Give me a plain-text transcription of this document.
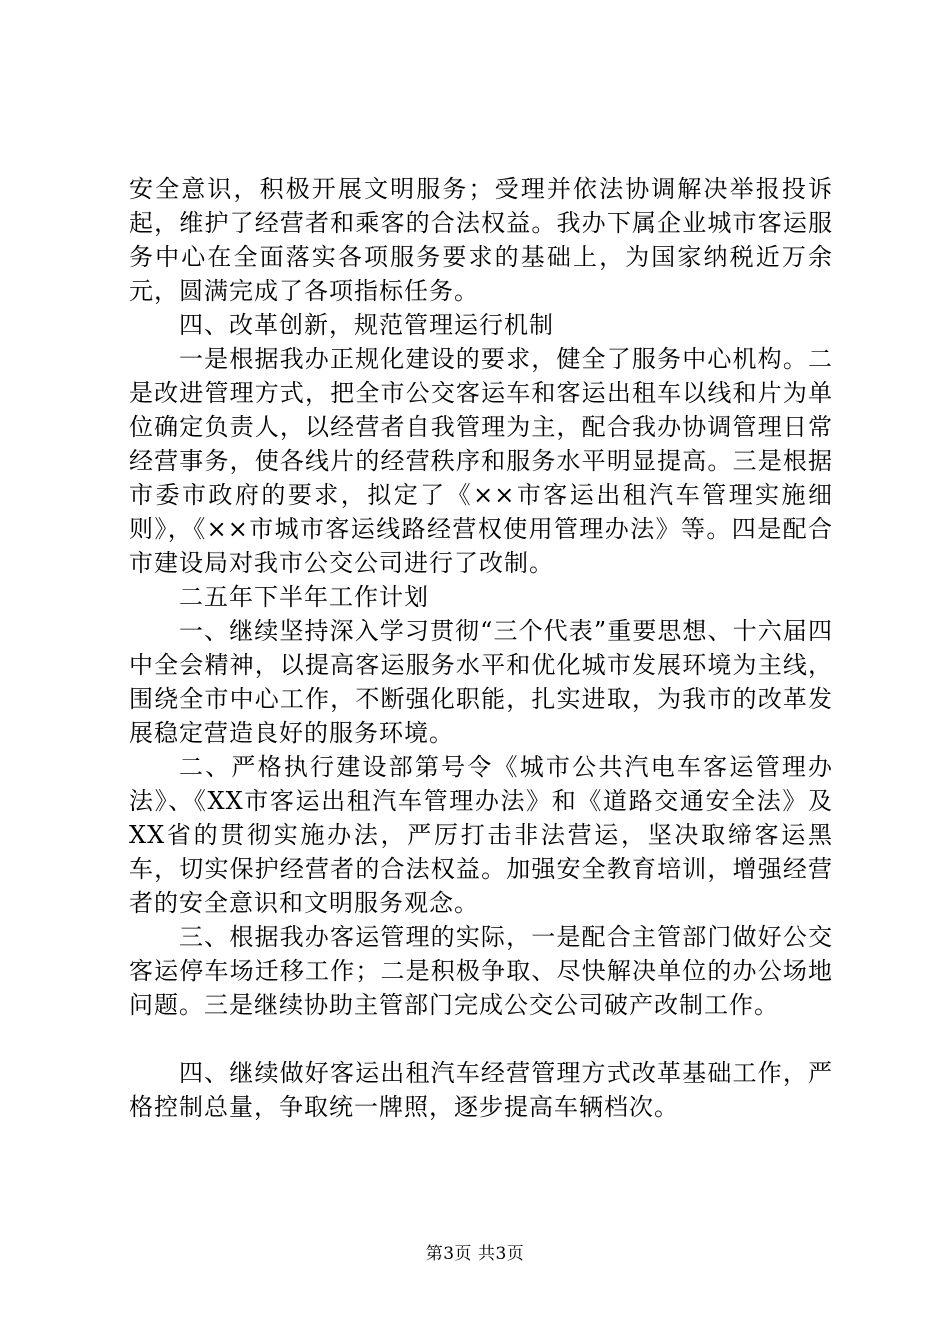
安全意识，积极开展文明服务；受理并依法协调解决举报投诉起，维护了经营者和乘客的合法权益。我办下属企业城市客运服务中心在全面落实各项服务要求的基础上，为国家纳税近万余元，圆满完成了各项指标任务。

四、改革创新，规范管理运行机制

一是根据我办正规化建设的要求，健全了服务中心机构。二是改进管理方式，把全市公交客运车和客运出租车以线和片为单位确定负责人，以经营者自我管理为主，配合我办协调管理日常经营事务，使各线片的经营秩序和服务水平明显提高。三是根据市委市政府的要求，拟定了《××市客运出租汽车管理实施细则》，《××市城市客运线路经营权使用管理办法》等。四是配合市建设局对我市公交公司进行了改制。

二五年下半年工作计划

一、继续坚持深入学习贯彻“三个代表”重要思想、十六届四中全会精神，以提高客运服务水平和优化城市发展环境为主线，围绕全市中心工作，不断强化职能，扎实进取，为我市的改革发展稳定营造良好的服务环境。

二、严格执行建设部第号令《城市公共汽电车客运管理办法》、《XX市客运出租汽车管理办法》和《道路交通安全法》及XX省的贯彻实施办法，严厉打击非法营运，坚决取缔客运黑车，切实保护经营者的合法权益。加强安全教育培训，增强经营者的安全意识和文明服务观念。

三、根据我办客运管理的实际，一是配合主管部门做好公交客运停车场迁移工作；二是积极争取、尽快解决单位的办公场地问题。三是继续协助主管部门完成公交公司破产改制工作。

四、继续做好客运出租汽车经营管理方式改革基础工作，严格控制总量，争取统一牌照，逐步提高车辆档次。

第3页 共3页
